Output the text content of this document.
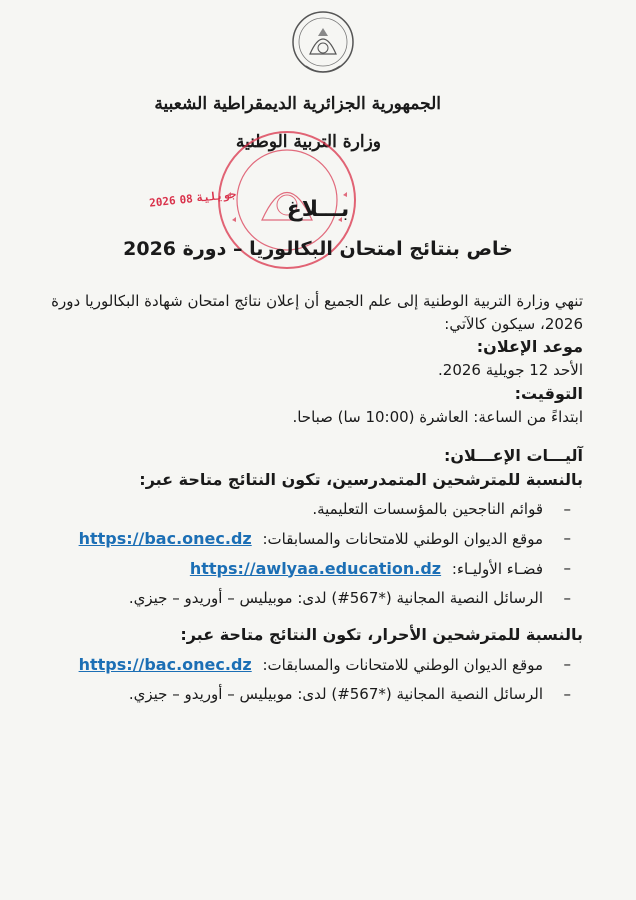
الجمهورية الجزائرية الديمقراطية الشعبية
وزارة التربية الوطنية
2026 جويلية08	بـــلاغ
خاص بنتائج امتحان البكالوريا – دورة 2026

تنهي وزارة التربية الوطنية إلى علم الجميع أن إعلان نتائج امتحان شهادة البكالوريا دورة 2026، سيكون كالآتي:

موعد الإعلان:

الأحد 12 جويلية 2026.

التوقيت:

ابتداءً من الساعة: العاشرة (10:00 سا) صباحا.

آليـــات الإعـــلان:

بالنسبة للمترشحين المتمدرسين، تكون النتائج متاحة عبر:

– قوائم الناجحين بالمؤسسات التعليمية.
– موقع الديوان الوطني للامتحانات والمسابقات: https://bac.onec.dz
– فضـاء الأوليـاء: https://awlyaa.education.dz
– الرسائل النصية المجانية (*567#) لدى: موبيليس – أوريدو – جيزي.

بالنسبة للمترشحين الأحرار، تكون النتائج متاحة عبر:

– موقع الديوان الوطني للامتحانات والمسابقات: https://bac.onec.dz
– الرسائل النصية المجانية (*567#) لدى: موبيليس – أوريدو – جيزي.
